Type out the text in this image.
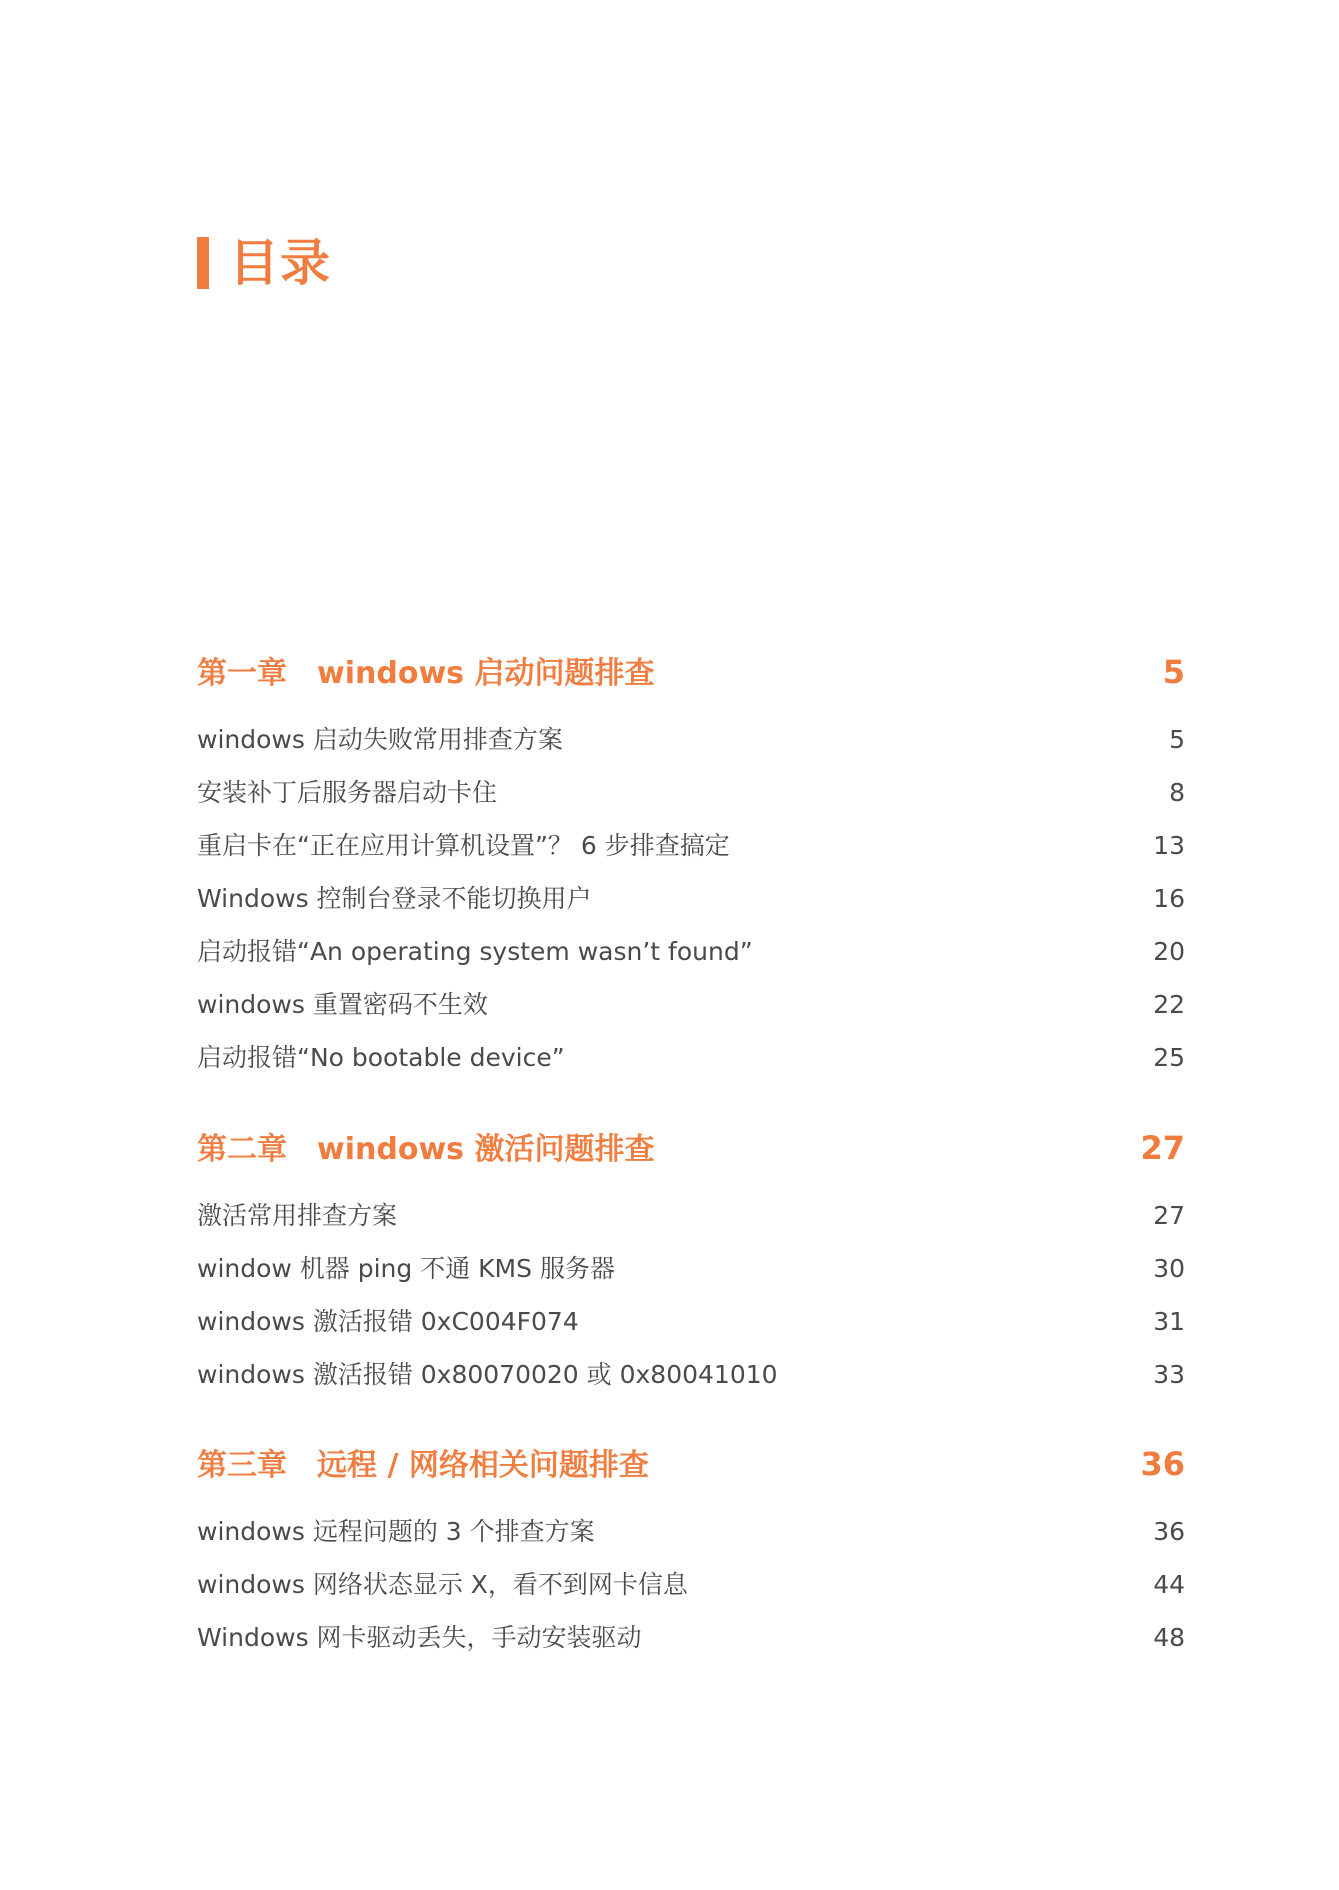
目录
第一章　windows 启动问题排查	5
windows 启动失败常用排查方案	5
安装补丁后服务器启动卡住	8
重启卡在“正在应用计算机设置”？ 6 步排查搞定	13
Windows 控制台登录不能切换用户	16
启动报错“An operating system wasn’t found”	20
windows 重置密码不生效	22
启动报错“No bootable device”	25
第二章　windows 激活问题排查	27
激活常用排查方案	27
window 机器 ping 不通 KMS 服务器	30
windows 激活报错 0xC004F074	31
windows 激活报错 0x80070020 或 0x80041010	33
第三章　远程 / 网络相关问题排查	36
windows 远程问题的 3 个排查方案	36
windows 网络状态显示 X，看不到网卡信息	44
Windows 网卡驱动丢失，手动安装驱动	48
